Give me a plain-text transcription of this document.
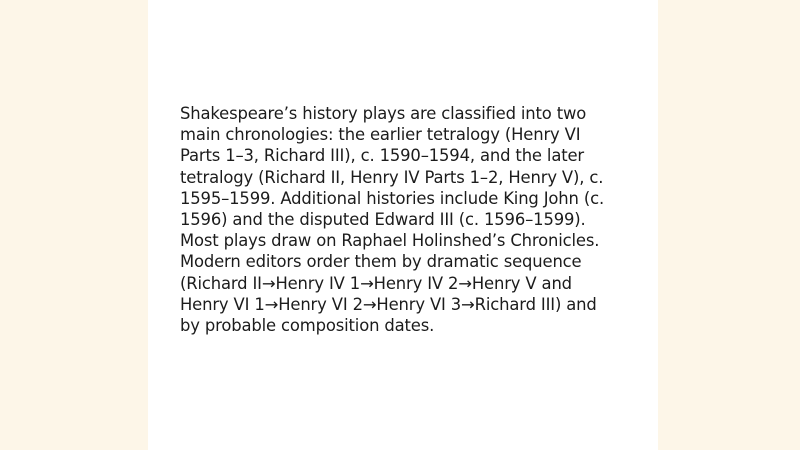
Shakespeare’s history plays are classified into two main chronologies: the earlier tetralogy (Henry VI Parts 1–3, Richard III), c. 1590–1594, and the later tetralogy (Richard II, Henry IV Parts 1–2, Henry V), c. 1595–1599. Additional histories include King John (c. 1596) and the disputed Edward III (c. 1596–1599). Most plays draw on Raphael Holinshed’s Chronicles. Modern editors order them by dramatic sequence (Richard II→Henry IV 1→Henry IV 2→Henry V and Henry VI 1→Henry VI 2→Henry VI 3→Richard III) and by probable composition dates.
